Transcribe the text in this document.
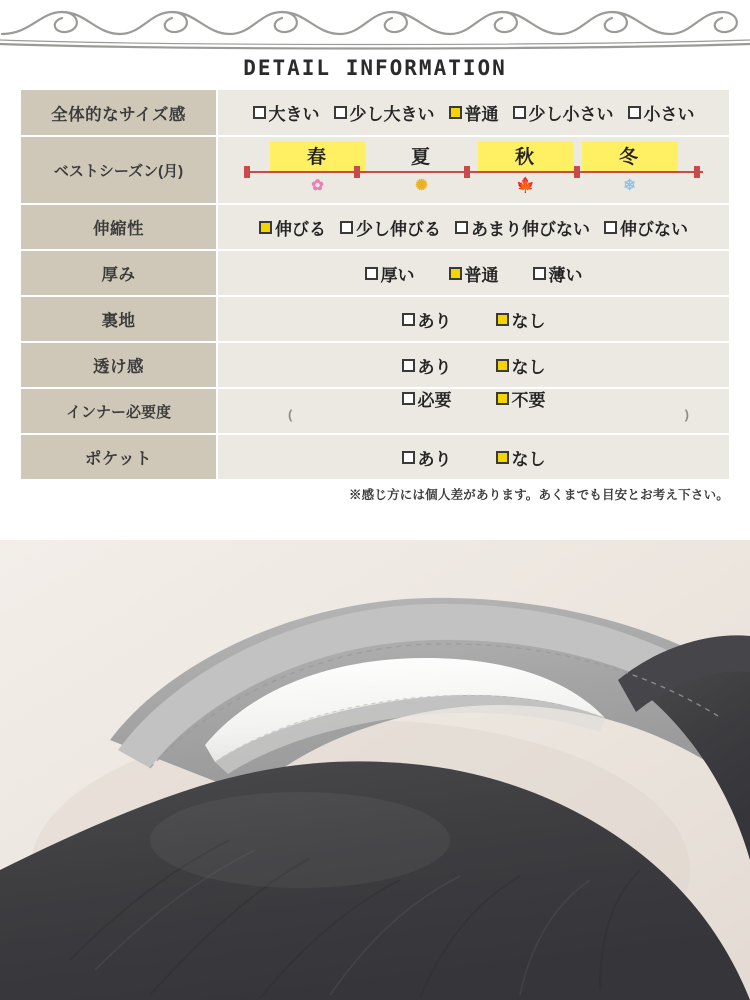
DETAIL INFORMATION
全体的なサイズ感	大きい 少し大きい 普通 少し小さい 小さい

ベストシーズン(月)	
春	夏	秋	冬
✿	✺	🍁	❄

伸縮性	伸びる 少し伸びる あまり伸びない 伸びない

厚み	厚い 普通 薄い

裏地	あり なし

透け感	あり なし

インナー必要度	必要 不要
( )

ポケット	あり なし
※感じ方には個人差があります。あくまでも目安とお考え下さい。
